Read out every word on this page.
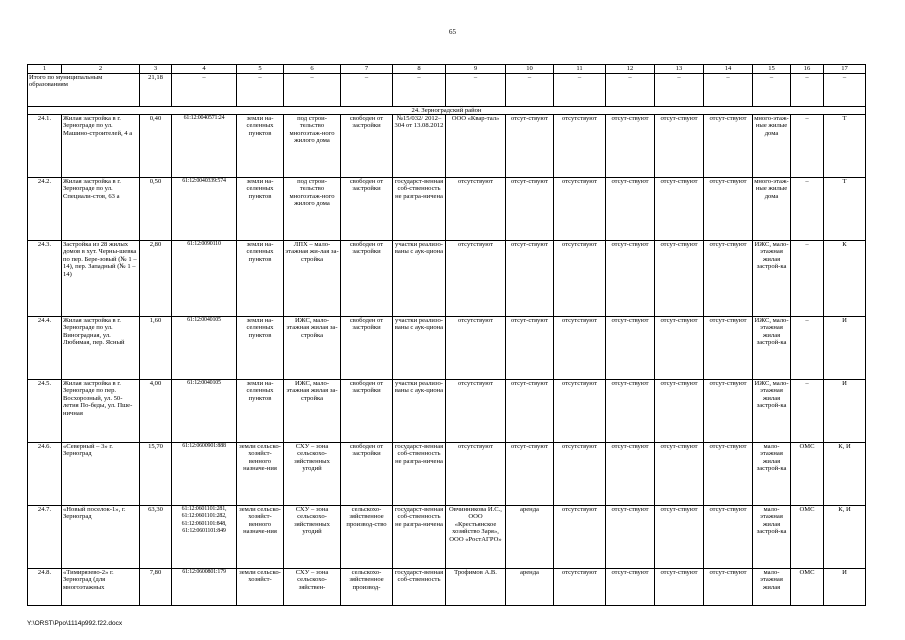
65
1	2	3	4	5	6	7	8	9	10	11	12	13	14	15	16	17
Итого по муниципальным образованиям		21,18	–	–	–	–	–	–	–	–	–	–	–	–	–	–
24. Зерноградский район																
24.1.	Жилая застройка в г. Зернограде по ул. Машино-строителей, 4 а	0,40	61:12:0040571:24	земли на-селенных пунктов	под строи-тельство многоэтаж-ного жилого дома	свободен от застройки	№15/032/ 2012–304 от 13.08.2012	ООО «Квар-тал»	отсут-ствуют	отсутствуют	отсут-ствуют	отсут-ствуют	отсут-ствуют	много-этаж-ные жилые дома	–	Т
24.2.	Жилая застройка в г. Зернограде по ул. Специали-стов, 63 а	0,50	61:12:0040339:574	земли на-селенных пунктов	под строи-тельство многоэтаж-ного жилого дома	свободен от застройки	государст-венная соб-ственность не разгра-ничена	отсутствуют	отсут-ствуют	отсутствуют	отсут-ствуют	отсут-ствуют	отсут-ствуют	много-этаж-ные жилые дома	–	Т
24.3.	Застройка из 28 жилых домов в хут. Черны-шевка по пер. Бере-зовый (№ 1 – 14), пер. Западный (№ 1 – 14)	2,80	61:12:0090110	земли на-селенных пунктов	ЛПХ – мало-этажная жи-лая за-стройка	свободен от застройки	участки реализо-ваны с аук-циона	отсутствуют	отсут-ствуют	отсутствуют	отсут-ствуют	отсут-ствуют	отсут-ствуют	ИЖС, мало-этажная жилая застрой-ка	–	К
24.4.	Жилая застройка в г. Зернограде по ул. Виноградная, ул. Любимая, пер. Ясный	1,60	61:12:0040105	земли на-селенных пунктов	ИЖС, мало-этажная жилая за-стройка	свободен от застройки	участки реализо-ваны с аук-циона	отсутствуют	отсут-ствуют	отсутствуют	отсут-ствуют	отсут-ствуют	отсут-ствуют	ИЖС, мало-этажная жилая застрой-ка	–	И
24.5.	Жилая застройка в г. Зернограде по пер. Восхорозный, ул. 50-летия По-беды, ул. Пше-ничная	4,00	61:12:0040105	земли на-селенных пунктов	ИЖС, мало-этажная жилая за-стройка	свободен от застройки	участки реализо-ваны с аук-циона	отсутствуют	отсут-ствуют	отсутствуют	отсут-ствуют	отсут-ствуют	отсут-ствуют	ИЖС, мало-этажная жилая застрой-ка	–	И
24.6.	«Северный – 3» г. Зерноград	15,70	61:12:0600901:888	земли сельско-хозяйст-венного назначе-ния	СХУ – зона сельскохо-зяйственных угодий	свободен от застройки	государст-венная соб-ственность не разгра-ничена	отсутствуют	отсут-ствуют	отсутствуют	отсут-ствуют	отсут-ствуют	отсут-ствуют	мало-этажная жилая застрой-ка	ОМС	К, И
24.7.	«Новый поселок-1», г. Зерноград	63,30	61:12:0601101:281, 61:12:0601101:282, 61:12:0601101:848, 61:12:0601101:849	земли сельско-хозяйст-венного назначе-ния	СХУ – зона сельскохо-зяйственных угодий	сельскохо-зяйственное производ-ство	государст-венная соб-ственность не разгра-ничена	Овчинникова И.С., ООО «Крестьянское хозяйство Заря», ООО «РостАГРО»	аренда	отсутствуют	отсут-ствуют	отсут-ствуют	отсут-ствуют	мало-этажная жилая застрой-ка	ОМС	К, И
24.8.	«Тимирязево-2» г. Зерноград (для многоэтажных	7,80	61:12:0600801:179	земли сельско-хозяйст-	СХУ – зона сельскохо-зяйствен-	сельскохо-зяйственное производ-	государст-венная соб-ственность	Трофимов А.В.	аренда	отсутствуют	отсут-ствуют	отсут-ствуют	отсут-ствуют	мало-этажная жилая	ОМС	И
Y:\ORST\Ppo\1114p992.f22.docx
